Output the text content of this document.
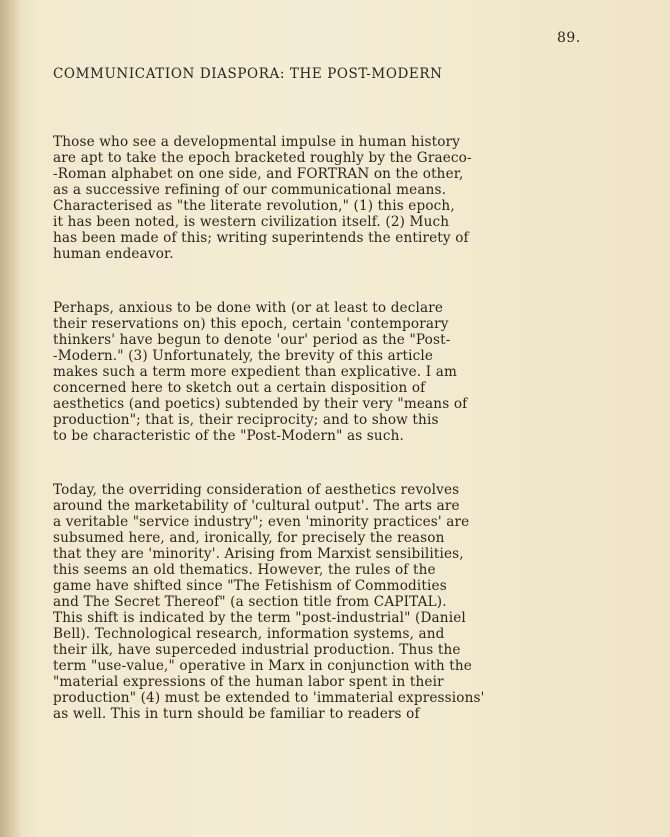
89.
COMMUNICATION DIASPORA: THE POST-MODERN
Those who see a developmental impulse in human history
are apt to take the epoch bracketed roughly by the Graeco-
-Roman alphabet on one side, and FORTRAN on the other,
as a successive refining of our communicational means.
Characterised as "the literate revolution," (1) this epoch,
it has been noted, is western civilization itself. (2) Much
has been made of this; writing superintends the entirety of
human endeavor.
Perhaps, anxious to be done with (or at least to declare
their reservations on) this epoch, certain 'contemporary
thinkers' have begun to denote 'our' period as the "Post-
-Modern." (3) Unfortunately, the brevity of this article
makes such a term more expedient than explicative. I am
concerned here to sketch out a certain disposition of
aesthetics (and poetics) subtended by their very "means of
production"; that is, their reciprocity; and to show this
to be characteristic of the "Post-Modern" as such.
Today, the overriding consideration of aesthetics revolves
around the marketability of 'cultural output'. The arts are
a veritable "service industry"; even 'minority practices' are
subsumed here, and, ironically, for precisely the reason
that they are 'minority'. Arising from Marxist sensibilities,
this seems an old thematics. However, the rules of the
game have shifted since "The Fetishism of Commodities
and The Secret Thereof" (a section title from CAPITAL).
This shift is indicated by the term "post-industrial" (Daniel
Bell). Technological research, information systems, and
their ilk, have superceded industrial production. Thus the
term "use-value," operative in Marx in conjunction with the
"material expressions of the human labor spent in their
production" (4) must be extended to 'immaterial expressions'
as well. This in turn should be familiar to readers of
